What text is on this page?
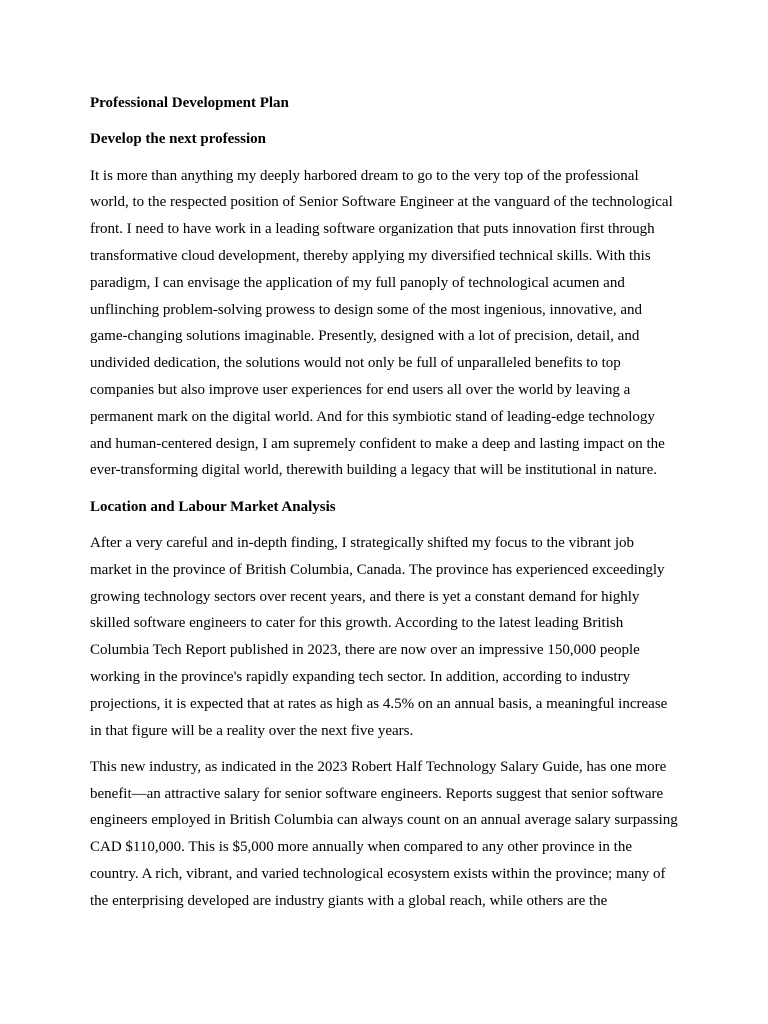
Professional Development Plan
Develop the next profession
It is more than anything my deeply harbored dream to go to the very top of the professional world, to the respected position of Senior Software Engineer at the vanguard of the technological front. I need to have work in a leading software organization that puts innovation first through transformative cloud development, thereby applying my diversified technical skills. With this paradigm, I can envisage the application of my full panoply of technological acumen and unflinching problem-solving prowess to design some of the most ingenious, innovative, and game-changing solutions imaginable. Presently, designed with a lot of precision, detail, and undivided dedication, the solutions would not only be full of unparalleled benefits to top companies but also improve user experiences for end users all over the world by leaving a permanent mark on the digital world. And for this symbiotic stand of leading-edge technology and human-centered design, I am supremely confident to make a deep and lasting impact on the ever-transforming digital world, therewith building a legacy that will be institutional in nature.
Location and Labour Market Analysis
After a very careful and in-depth finding, I strategically shifted my focus to the vibrant job market in the province of British Columbia, Canada. The province has experienced exceedingly growing technology sectors over recent years, and there is yet a constant demand for highly skilled software engineers to cater for this growth. According to the latest leading British Columbia Tech Report published in 2023, there are now over an impressive 150,000 people working in the province's rapidly expanding tech sector. In addition, according to industry projections, it is expected that at rates as high as 4.5% on an annual basis, a meaningful increase in that figure will be a reality over the next five years.
This new industry, as indicated in the 2023 Robert Half Technology Salary Guide, has one more benefit—an attractive salary for senior software engineers. Reports suggest that senior software engineers employed in British Columbia can always count on an annual average salary surpassing CAD $110,000. This is $5,000 more annually when compared to any other province in the country. A rich, vibrant, and varied technological ecosystem exists within the province; many of the enterprising developed are industry giants with a global reach, while others are the
